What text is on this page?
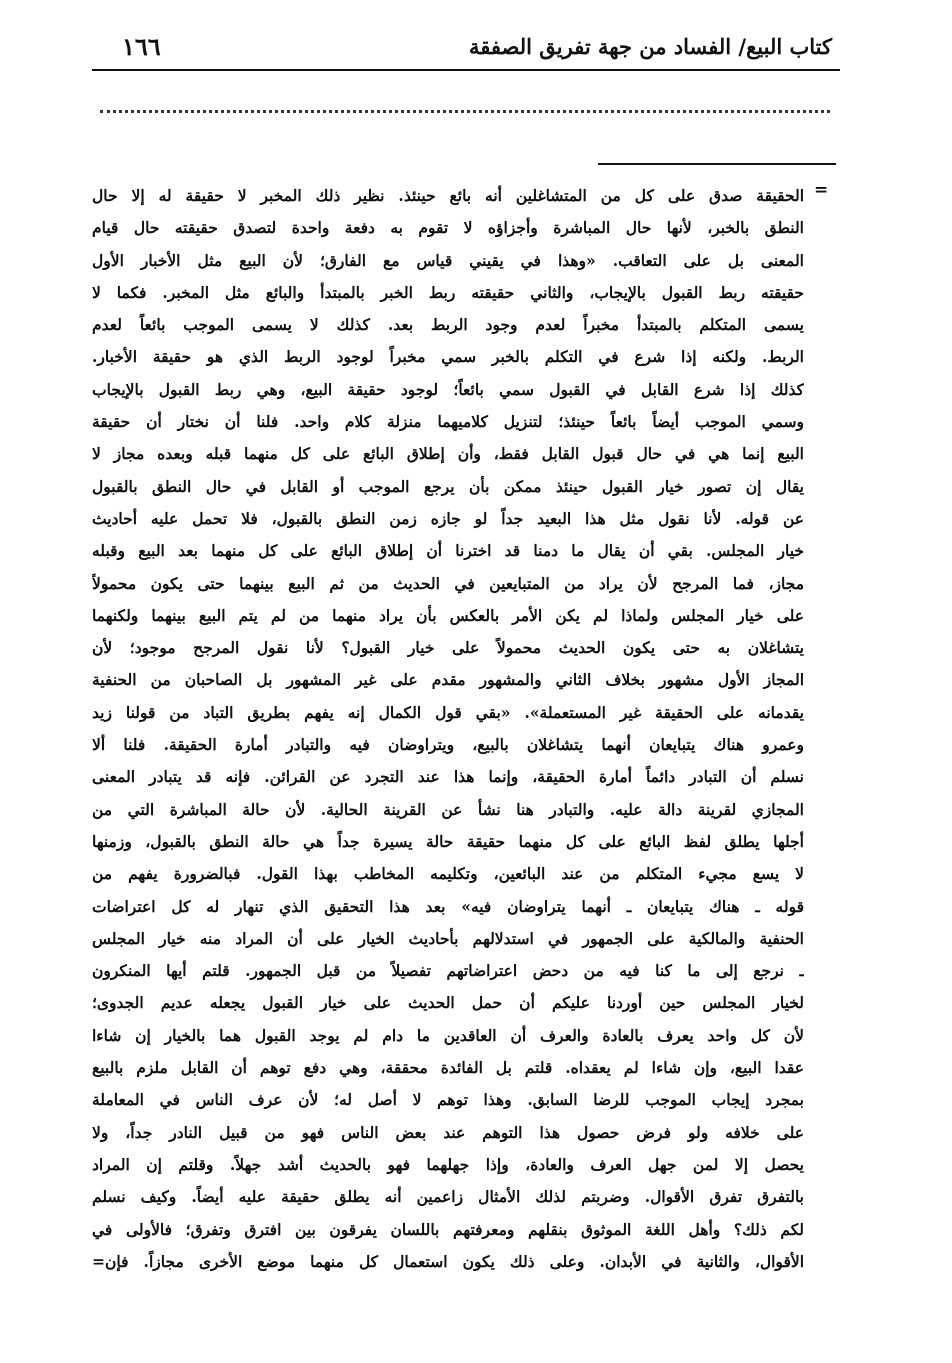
١٦٦	كتاب البيع/ الفساد من جهة تفريق الصفقة
=
الحقيقة صدق على كل من المتشاغلين أنه بائع حينئذ. نظير ذلك المخبر لا حقيقة له إلا حال
النطق بالخبر، لأنها حال المباشرة وأجزاؤه لا تقوم به دفعة واحدة لتصدق حقيقته حال قيام
المعنى بل على التعاقب. «وهذا في يقيني قياس مع الفارق؛ لأن البيع مثل الأخبار الأول
حقيقته ربط القبول بالإيجاب، والثاني حقيقته ربط الخبر بالمبتدأ والبائع مثل المخبر. فكما لا
يسمى المتكلم بالمبتدأ مخبراً لعدم وجود الربط بعد. كذلك لا يسمى الموجب بائعاً لعدم
الربط. ولكنه إذا شرع في التكلم بالخبر سمي مخبراً لوجود الربط الذي هو حقيقة الأخبار.
كذلك إذا شرع القابل في القبول سمي بائعاً؛ لوجود حقيقة البيع، وهي ربط القبول بالإيجاب
وسمي الموجب أيضاً بائعاً حينئذ؛ لتنزيل كلاميهما منزلة كلام واحد. فلنا أن نختار أن حقيقة
البيع إنما هي في حال قبول القابل فقط، وأن إطلاق البائع على كل منهما قبله وبعده مجاز لا
يقال إن تصور خيار القبول حينئذ ممكن بأن يرجع الموجب أو القابل في حال النطق بالقبول
عن قوله. لأنا نقول مثل هذا البعيد جداً لو جازه زمن النطق بالقبول، فلا تحمل عليه أحاديث
خيار المجلس. بقي أن يقال ما دمنا قد اخترنا أن إطلاق البائع على كل منهما بعد البيع وقبله
مجاز، فما المرجح لأن يراد من المتبايعين في الحديث من ثم البيع بينهما حتى يكون محمولاً
على خيار المجلس ولماذا لم يكن الأمر بالعكس بأن يراد منهما من لم يتم البيع بينهما ولكنهما
يتشاغلان به حتى يكون الحديث محمولاً على خيار القبول؟ لأنا نقول المرجح موجود؛ لأن
المجاز الأول مشهور بخلاف الثاني والمشهور مقدم على غير المشهور بل الصاحبان من الحنفية
يقدمانه على الحقيقة غير المستعملة». «بقي قول الكمال إنه يفهم بطريق التباد من قولنا زيد
وعمرو هناك يتبايعان أنهما يتشاغلان بالبيع، ويتراوضان فيه والتبادر أمارة الحقيقة. فلنا ألا
نسلم أن التبادر دائماً أمارة الحقيقة، وإنما هذا عند التجرد عن القرائن. فإنه قد يتبادر المعنى
المجازي لقرينة دالة عليه. والتبادر هنا نشأ عن القرينة الحالية. لأن حالة المباشرة التي من
أجلها يطلق لفظ البائع على كل منهما حقيقة حالة يسيرة جداً هي حالة النطق بالقبول، وزمنها
لا يسع مجيء المتكلم من عند البائعين، وتكليمه المخاطب بهذا القول. فبالضرورة يفهم من
قوله ـ هناك يتبايعان ـ أنهما يتراوضان فيه» بعد هذا التحقيق الذي تنهار له كل اعتراضات
الحنفية والمالكية على الجمهور في استدلالهم بأحاديث الخيار على أن المراد منه خيار المجلس
ـ نرجع إلى ما كنا فيه من دحض اعتراضاتهم تفصيلاً من قبل الجمهور. قلتم أيها المنكرون
لخيار المجلس حين أوردنا عليكم أن حمل الحديث على خيار القبول يجعله عديم الجدوى؛
لأن كل واحد يعرف بالعادة والعرف أن العاقدين ما دام لم يوجد القبول هما بالخيار إن شاءا
عقدا البيع، وإن شاءا لم يعقداه. قلتم بل الفائدة محققة، وهي دفع توهم أن القابل ملزم بالبيع
بمجرد إيجاب الموجب للرضا السابق. وهذا توهم لا أصل له؛ لأن عرف الناس في المعاملة
على خلافه ولو فرض حصول هذا التوهم عند بعض الناس فهو من قبيل النادر جداً، ولا
يحصل إلا لمن جهل العرف والعادة، وإذا جهلهما فهو بالحديث أشد جهلاً. وقلتم إن المراد
بالتفرق تفرق الأقوال. وضربتم لذلك الأمثال زاعمين أنه يطلق حقيقة عليه أيضاً. وكيف نسلم
لكم ذلك؟ وأهل اللغة الموثوق بنقلهم ومعرفتهم باللسان يفرقون بين افترق وتفرق؛ فالأولى في
الأقوال، والثانية في الأبدان. وعلى ذلك يكون استعمال كل منهما موضع الأخرى مجازاً. فإن=
